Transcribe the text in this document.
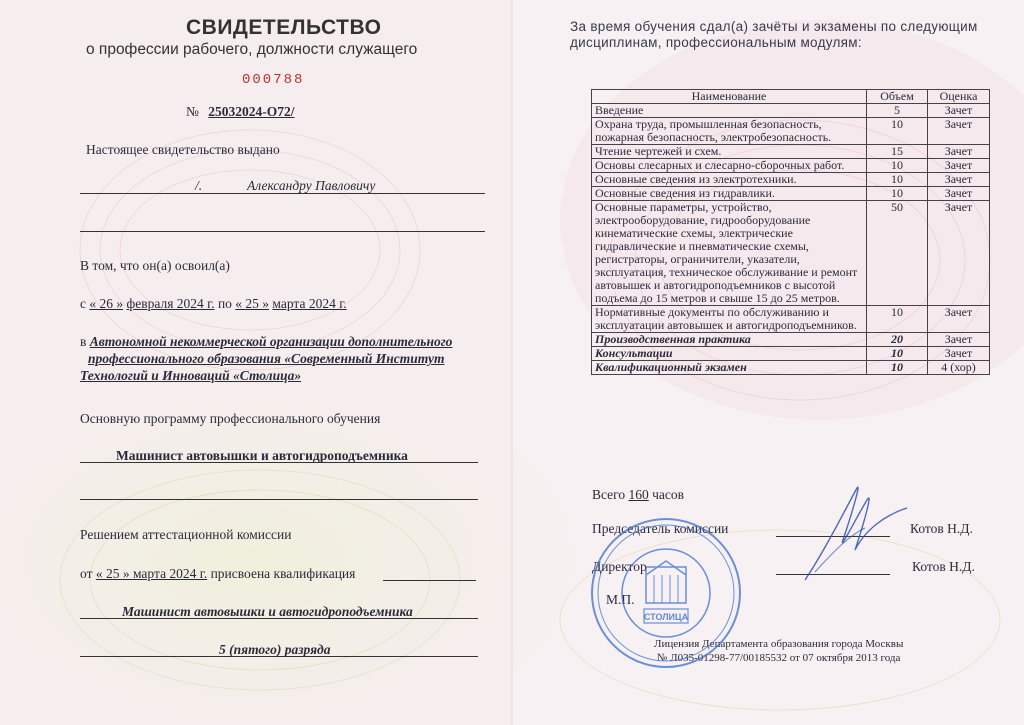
СВИДЕТЕЛЬСТВО
о профессии рабочего, должности служащего
000788
№ 25032024-О72/
Настоящее свидетельство выдано
/.	Александру Павловичу
В том, что он(а) освоил(а)
с « 26 » февраля 2024 г. по « 25 » марта 2024 г.
в Автономной некоммерческой организации дополнительного
профессионального образования «Современный Институт
Технологий и Инноваций «Столица»
Основную программу профессионального обучения
Машинист автовышки и автогидроподъемника
Решением аттестационной комиссии
от « 25 » марта 2024 г. присвоена квалификация
Машинист автовышки и автогидроподъемника
5 (пятого) разряда
За время обучения сдал(а) зачёты и экзамены по следующим
дисциплинам, профессиональным модулям:
Наименование	Объем	Оценка
Введение	5	Зачет
Охрана труда, промышленная безопасность, пожарная безопасность, электробезопасность.	10	Зачет
Чтение чертежей и схем.	15	Зачет
Основы слесарных и слесарно-сборочных работ.	10	Зачет
Основные сведения из электротехники.	10	Зачет
Основные сведения из гидравлики.	10	Зачет
Основные параметры, устройство, электрооборудование, гидрооборудование кинематические схемы, электрические гидравлические и пневматические схемы, регистраторы, ограничители, указатели, эксплуатация, техническое обслуживание и ремонт автовышек и автогидроподъемников с высотой подъема до 15 метров и свыше 15 до 25 метров.	50	Зачет
Нормативные документы по обслуживанию и эксплуатации автовышек и автогидроподъемников.	10	Зачет
Производственная практика	20	Зачет
Консультации	10	Зачет
Квалификационный экзамен	10	4 (хор)
Всего 160 часов
Председатель комиссии	Котов Н.Д.
Директор	Котов Н.Д.
М.П.
Лицензия Департамента образования города Москвы
№ Л035-01298-77/00185532 от 07 октября 2013 года
СТОЛИЦА
